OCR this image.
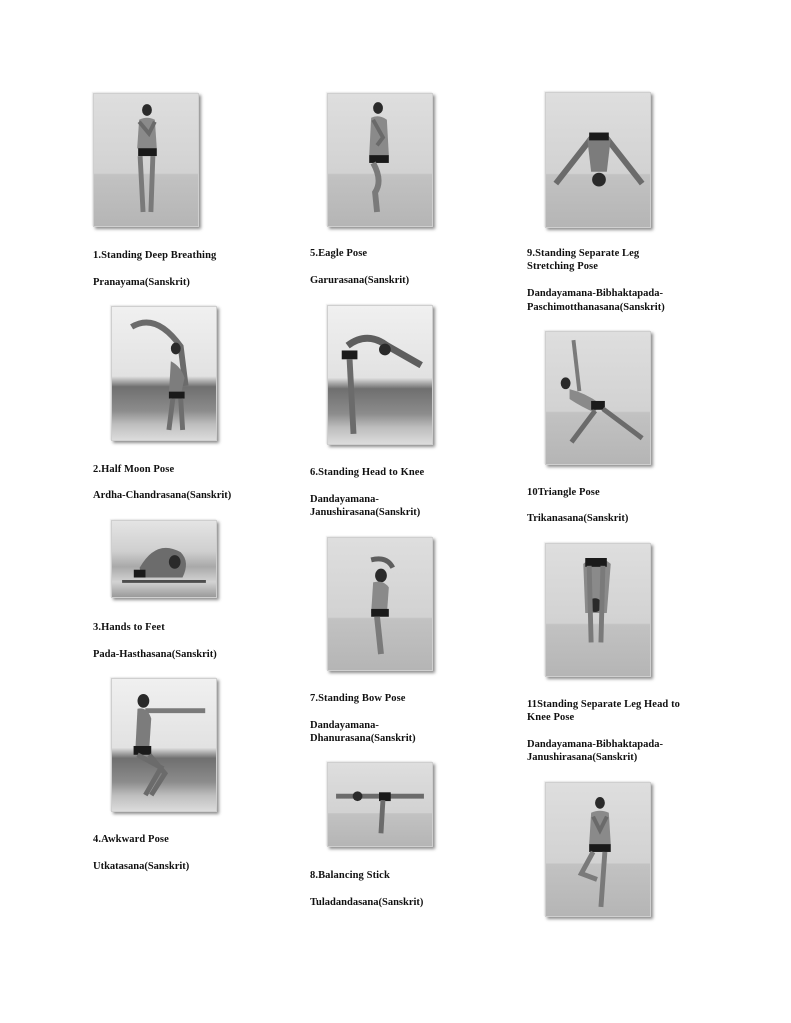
1.Standing Deep Breathing
Pranayama(Sanskrit)
2.Half Moon Pose
Ardha-Chandrasana(Sanskrit)
3.Hands to Feet
Pada-Hasthasana(Sanskrit)
4.Awkward Pose
Utkatasana(Sanskrit)
5.Eagle Pose
Garurasana(Sanskrit)
6.Standing Head to Knee
Dandayamana-
Janushirasana(Sanskrit)
7.Standing Bow Pose
Dandayamana-
Dhanurasana(Sanskrit)
8.Balancing Stick
Tuladandasana(Sanskrit)
9.Standing Separate Leg
Stretching Pose
Dandayamana-Bibhaktapada-
Paschimotthanasana(Sanskrit)
10Triangle Pose
Trikanasana(Sanskrit)
11Standing Separate Leg Head to
Knee Pose
Dandayamana-Bibhaktapada-
Janushirasana(Sanskrit)
